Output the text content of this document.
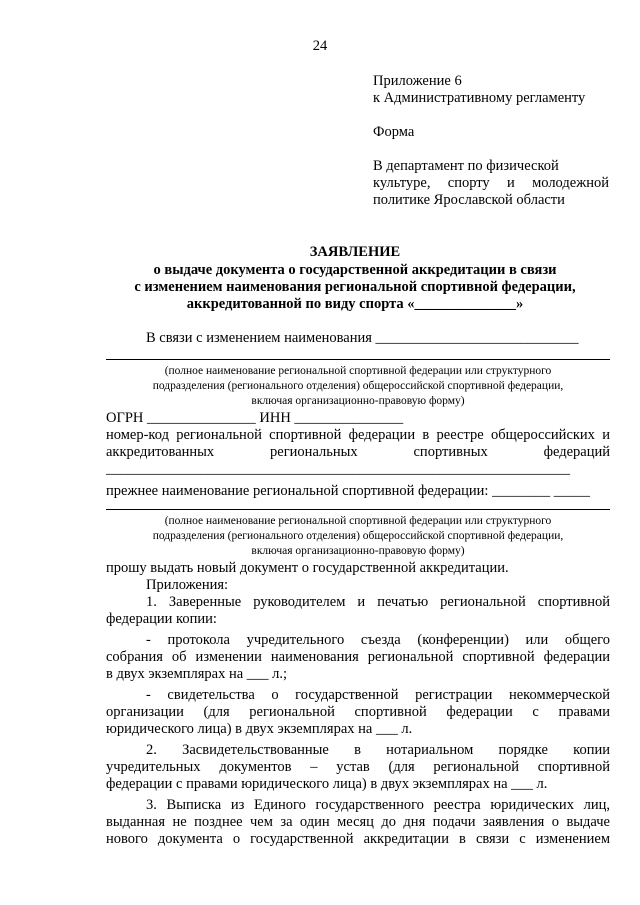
24
Приложение 6
к Административному регламенту
Форма
В департамент по физической
культуре, спорту и молодежной
политике Ярославской области
ЗАЯВЛЕНИЕ
о выдаче документа о государственной аккредитации в связи
с изменением наименования региональной спортивной федерации,
аккредитованной по виду спорта «______________»
В связи с изменением наименования ____________________________
(полное наименование региональной спортивной федерации или структурного
подразделения (регионального отделения) общероссийской спортивной федерации,
включая организационно-правовую форму)
ОГРН _______________ ИНН _______________
номер-код региональной спортивной федерации в реестре общероссийских и
аккредитованных региональных спортивных федераций
________________________________________________________________
прежнее наименование региональной спортивной федерации: ________ _____
(полное наименование региональной спортивной федерации или структурного
подразделения (регионального отделения) общероссийской спортивной федерации,
включая организационно-правовую форму)
прошу выдать новый документ о государственной аккредитации.
Приложения:
1. Заверенные руководителем и печатью региональной спортивной
федерации копии:
- протокола учредительного съезда (конференции) или общего
собрания об изменении наименования региональной спортивной федерации
в двух экземплярах на ___ л.;
- свидетельства о государственной регистрации некоммерческой
организации (для региональной спортивной федерации с правами
юридического лица) в двух экземплярах на ___ л.
2. Засвидетельствованные в нотариальном порядке копии
учредительных документов – устав (для региональной спортивной
федерации с правами юридического лица) в двух экземплярах на ___ л.
3. Выписка из Единого государственного реестра юридических лиц,
выданная не позднее чем за один месяц до дня подачи заявления о выдаче
нового документа о государственной аккредитации в связи с изменением
